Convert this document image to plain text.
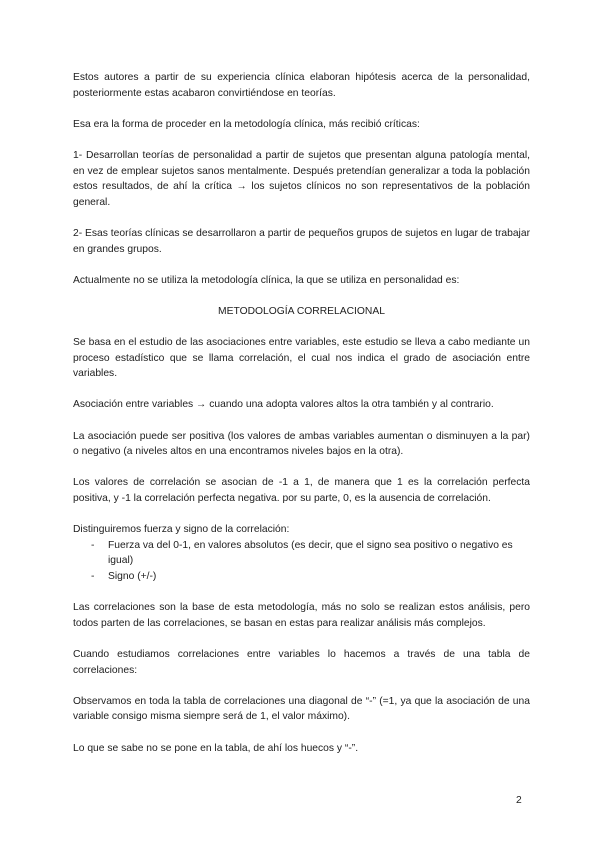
Estos autores a partir de su experiencia clínica elaboran hipótesis acerca de la personalidad, posteriormente estas acabaron convirtiéndose en teorías.

Esa era la forma de proceder en la metodología clínica, más recibió críticas:

1- Desarrollan teorías de personalidad a partir de sujetos que presentan alguna patología mental, en vez de emplear sujetos sanos mentalmente. Después pretendían generalizar a toda la población estos resultados, de ahí la crítica → los sujetos clínicos no son representativos de la población general.

2- Esas teorías clínicas se desarrollaron a partir de pequeños grupos de sujetos en lugar de trabajar en grandes grupos.

Actualmente no se utiliza la metodología clínica, la que se utiliza en personalidad es:

METODOLOGÍA CORRELACIONAL

Se basa en el estudio de las asociaciones entre variables, este estudio se lleva a cabo mediante un proceso estadístico que se llama correlación, el cual nos indica el grado de asociación entre variables.

Asociación entre variables → cuando una adopta valores altos la otra también y al contrario.

La asociación puede ser positiva (los valores de ambas variables aumentan o disminuyen a la par) o negativo (a niveles altos en una encontramos niveles bajos en la otra).

Los valores de correlación se asocian de -1 a 1, de manera que 1 es la correlación perfecta positiva, y -1 la correlación perfecta negativa. por su parte, 0, es la ausencia de correlación.

Distinguiremos fuerza y signo de la correlación:

- Fuerza va del 0-1, en valores absolutos (es decir, que el signo sea positivo o negativo es igual)
- Signo (+/-)

Las correlaciones son la base de esta metodología, más no solo se realizan estos análisis, pero todos parten de las correlaciones, se basan en estas para realizar análisis más complejos.

Cuando estudiamos correlaciones entre variables lo hacemos a través de una tabla de correlaciones:

Observamos en toda la tabla de correlaciones una diagonal de “-” (=1, ya que la asociación de una variable consigo misma siempre será de 1, el valor máximo).

Lo que se sabe no se pone en la tabla, de ahí los huecos y “-”.

2
